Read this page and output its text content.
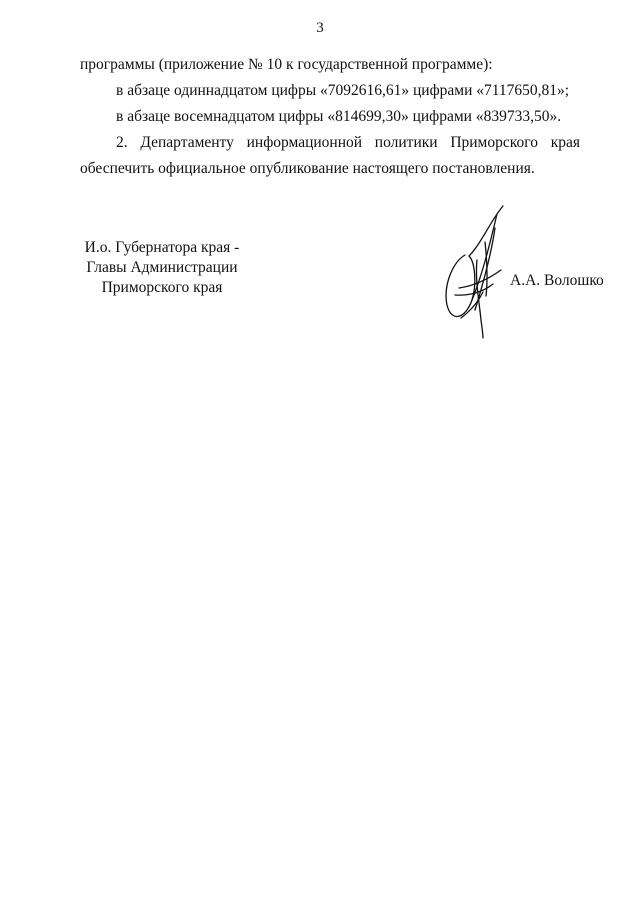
3
программы (приложение № 10 к государственной программе):
в абзаце одиннадцатом цифры «7092616,61» цифрами «7117650,81»;
в абзаце восемнадцатом цифры «814699,30» цифрами «839733,50».
2. Департаменту информационной политики Приморского края
обеспечить официальное опубликование настоящего постановления.
И.о. Губернатора края -
Главы Администрации
Приморского края	А.А. Волошко
